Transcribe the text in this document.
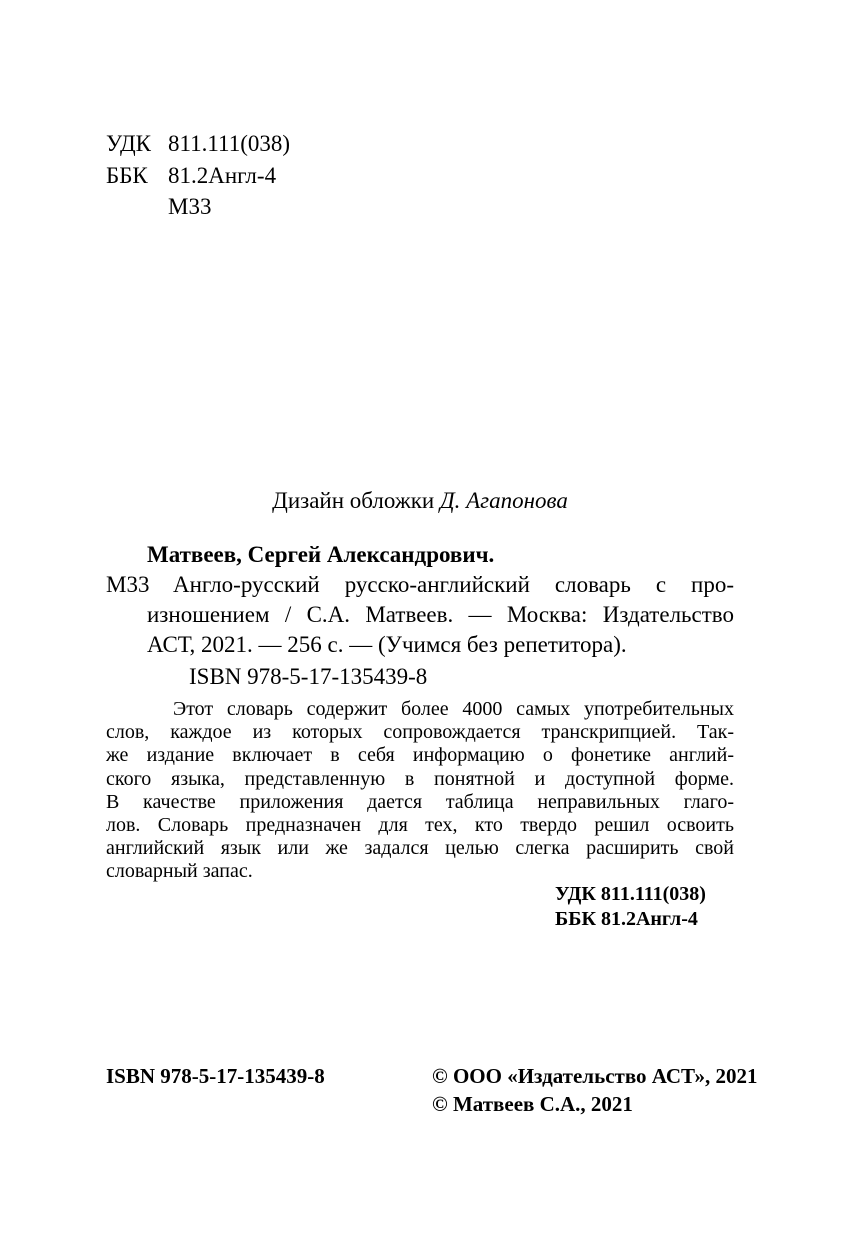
УДК 811.111(038)
ББК 81.2Англ-4
М33
Дизайн обложки Д. Агапонова
Матвеев, Сергей Александрович.
М33	Англо-русский русско-английский словарь с про-
изношением / С.А. Матвеев. — Москва: Издательство
АСТ, 2021. — 256 с. — (Учимся без репетитора).
ISBN 978-5-17-135439-8
Этот словарь содержит более 4000 самых употребительных
слов, каждое из которых сопровождается транскрипцией. Так-
же издание включает в себя информацию о фонетике англий-
ского языка, представленную в понятной и доступной форме.
В качестве приложения дается таблица неправильных глаго-
лов. Словарь предназначен для тех, кто твердо решил освоить
английский язык или же задался целью слегка расширить свой
словарный запас.
УДК 811.111(038)
ББК 81.2Англ-4
ISBN 978-5-17-135439-8	© ООО «Издательство АСТ», 2021
© Матвеев С.А., 2021
